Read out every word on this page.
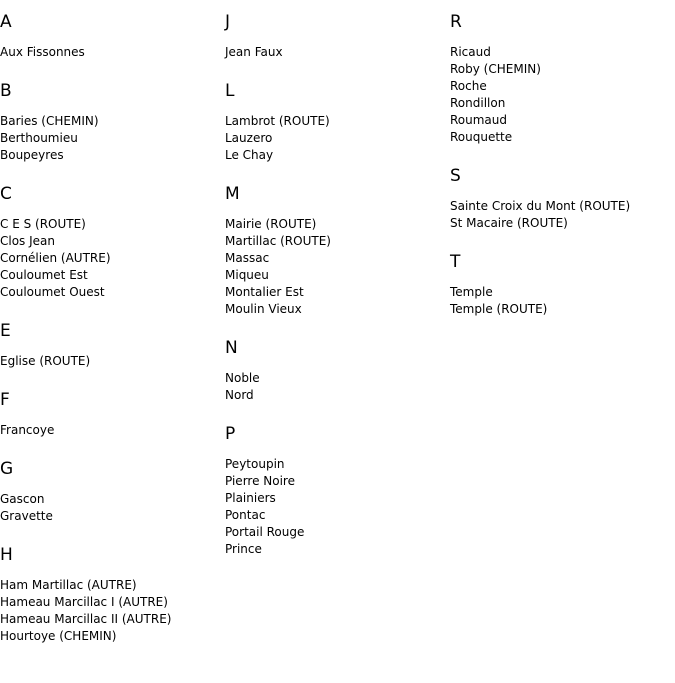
A
Aux Fissonnes
B
Baries (CHEMIN)
Berthoumieu
Boupeyres
C
C E S (ROUTE)
Clos Jean
Cornélien (AUTRE)
Couloumet Est
Couloumet Ouest
E
Eglise (ROUTE)
F
Francoye
G
Gascon
Gravette
H
Ham Martillac (AUTRE)
Hameau Marcillac I (AUTRE)
Hameau Marcillac II (AUTRE)
Hourtoye (CHEMIN)
J
Jean Faux
L
Lambrot (ROUTE)
Lauzero
Le Chay
M
Mairie (ROUTE)
Martillac (ROUTE)
Massac
Miqueu
Montalier Est
Moulin Vieux
N
Noble
Nord
P
Peytoupin
Pierre Noire
Plainiers
Pontac
Portail Rouge
Prince
R
Ricaud
Roby (CHEMIN)
Roche
Rondillon
Roumaud
Rouquette
S
Sainte Croix du Mont (ROUTE)
St Macaire (ROUTE)
T
Temple
Temple (ROUTE)
